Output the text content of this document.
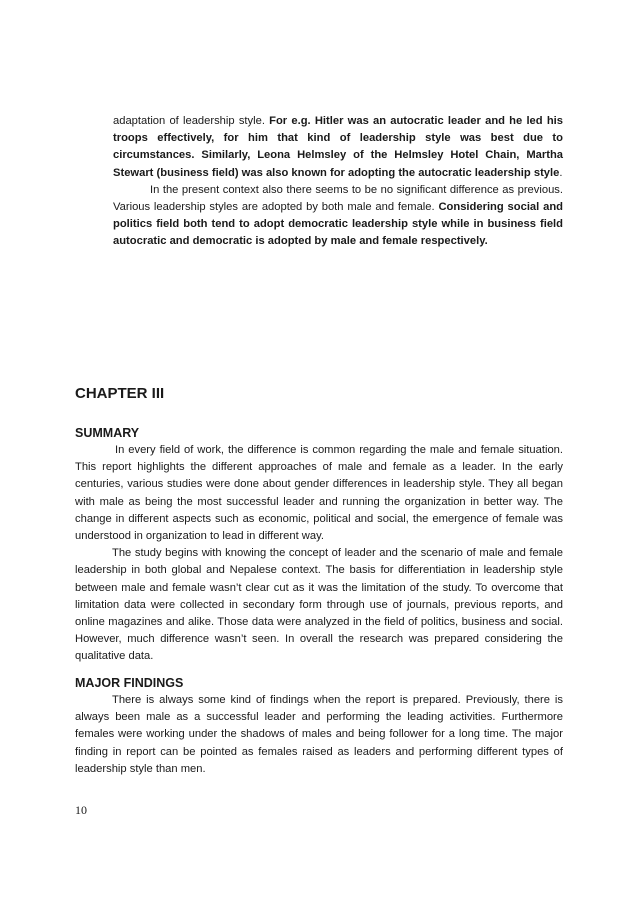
adaptation of leadership style. For e.g. Hitler was an autocratic leader and he led his troops effectively, for him that kind of leadership style was best due to circumstances. Similarly, Leona Helmsley of the Helmsley Hotel Chain, Martha Stewart (business field) was also known for adopting the autocratic leadership style.

In the present context also there seems to be no significant difference as previous. Various leadership styles are adopted by both male and female. Considering social and politics field both tend to adopt democratic leadership style while in business field autocratic and democratic is adopted by male and female respectively.

CHAPTER III
SUMMARY

In every field of work, the difference is common regarding the male and female situation. This report highlights the different approaches of male and female as a leader. In the early centuries, various studies were done about gender differences in leadership style. They all began with male as being the most successful leader and running the organization in better way. The change in different aspects such as economic, political and social, the emergence of female was understood in organization to lead in different way.

The study begins with knowing the concept of leader and the scenario of male and female leadership in both global and Nepalese context. The basis for differentiation in leadership style between male and female wasn’t clear cut as it was the limitation of the study. To overcome that limitation data were collected in secondary form through use of journals, previous reports, and online magazines and alike. Those data were analyzed in the field of politics, business and social. However, much difference wasn’t seen. In overall the research was prepared considering the qualitative data.

MAJOR FINDINGS

There is always some kind of findings when the report is prepared. Previously, there is always been male as a successful leader and performing the leading activities. Furthermore females were working under the shadows of males and being follower for a long time. The major finding in report can be pointed as females raised as leaders and performing different types of leadership style than men.

10
